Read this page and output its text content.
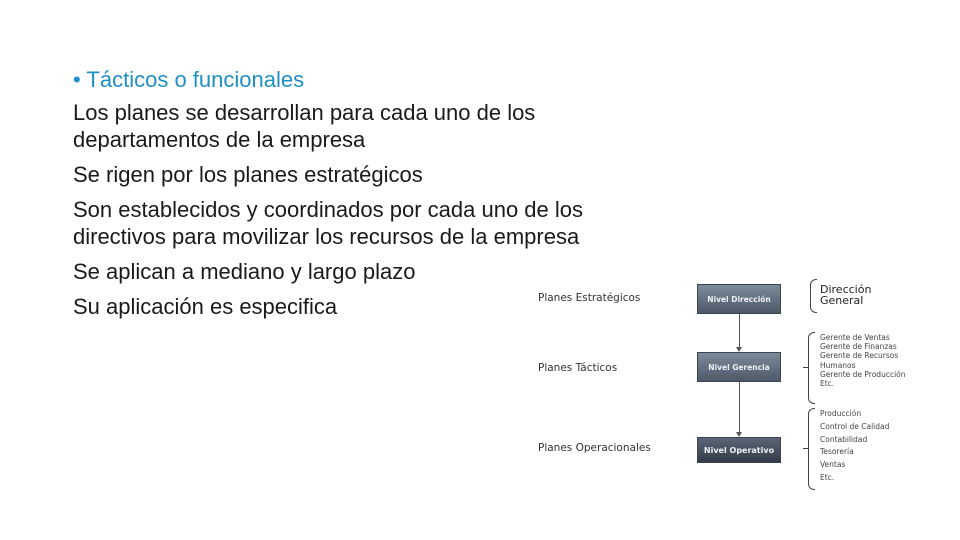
• Tácticos o funcionales

Los planes se desarrollan para cada uno de los departamentos de la empresa

Se rigen por los planes estratégicos

Son establecidos y coordinados por cada uno de los directivos para movilizar los recursos de la empresa

Se aplican a mediano y largo plazo

Su aplicación es especifica	Planes Estratégicos
Planes Tácticos
Planes Operacionales
Nivel Dirección
Nivel Gerencia
Nivel Operativo
Dirección General
Gerente de Ventas
Gerente de Finanzas
Gerente de Recursos Humanos
Gerente de Producción
Etc.
Producción
Control de Calidad
Contabilidad
Tesorería
Ventas
Etc.
